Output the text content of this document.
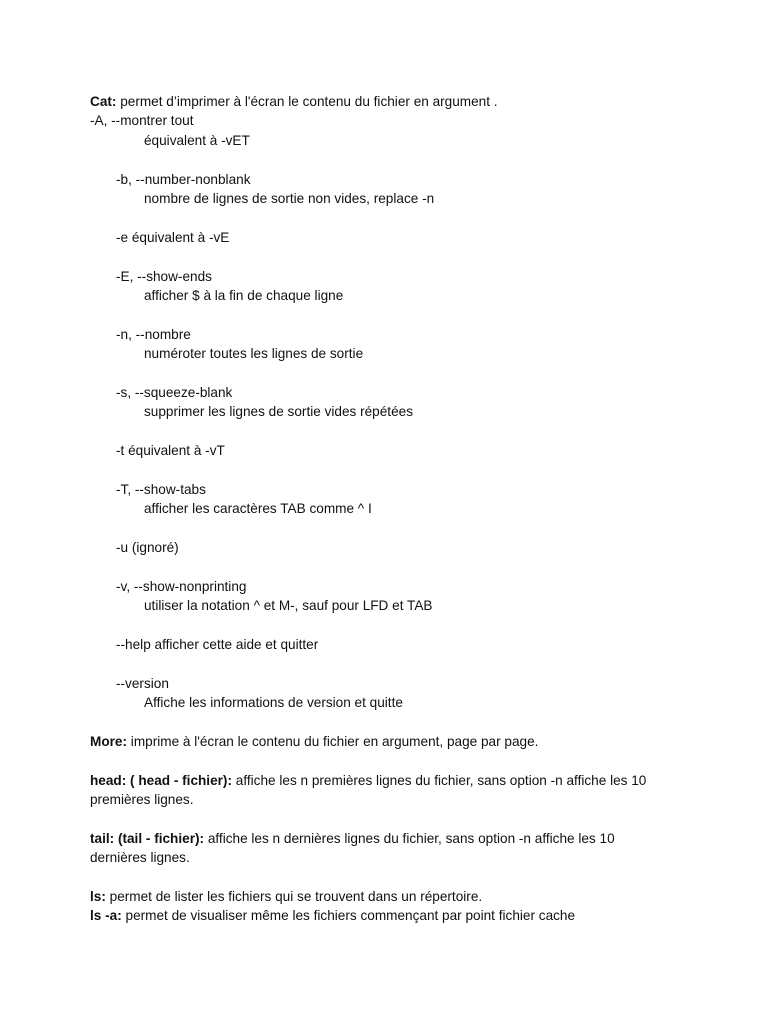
Cat: permet d’imprimer à l'écran le contenu du fichier en argument .
-A, --montrer tout
équivalent à -vET
-b, --number-nonblank
nombre de lignes de sortie non vides, replace -n
-e équivalent à -vE
-E, --show-ends
afficher $ à la fin de chaque ligne
-n, --nombre
numéroter toutes les lignes de sortie
-s, --squeeze-blank
supprimer les lignes de sortie vides répétées
-t équivalent à -vT
-T, --show-tabs
afficher les caractères TAB comme ^ I
-u (ignoré)
-v, --show-nonprinting
utiliser la notation ^ et M-, sauf pour LFD et TAB
--help afficher cette aide et quitter
--version
Affiche les informations de version et quitte
More: imprime à l'écran le contenu du fichier en argument, page par page.
head: ( head - fichier): affiche les n premières lignes du fichier, sans option -n affiche les 10
premières lignes.
tail: (tail - fichier): affiche les n dernières lignes du fichier, sans option -n affiche les 10
dernières lignes.
ls: permet de lister les fichiers qui se trouvent dans un répertoire.
ls -a: permet de visualiser même les fichiers commençant par point fichier cache
